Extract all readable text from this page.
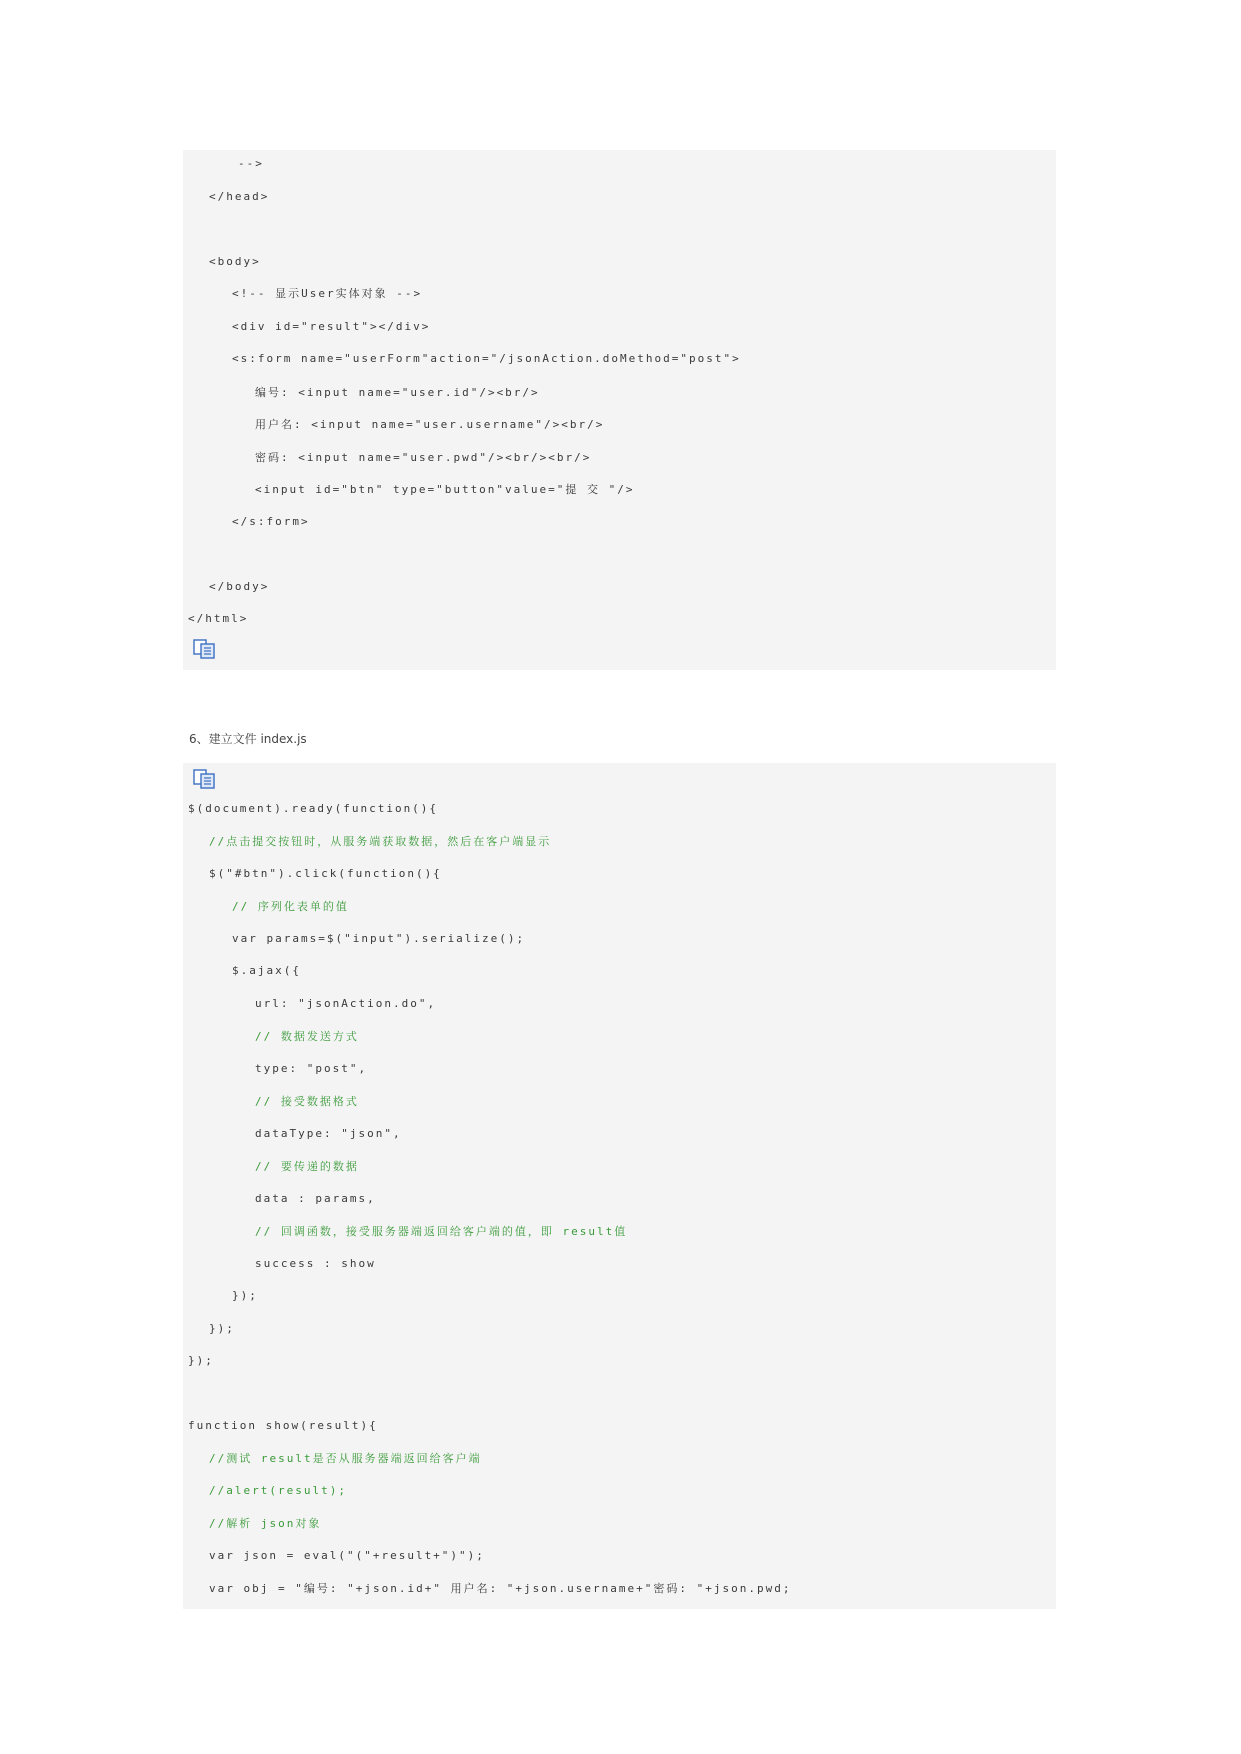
-->
</head>
<body>
<!-- 显示User实体对象 -->
<div id="result"></div>
<s:form name="userForm"action="/jsonAction.doMethod="post">
编号: <input name="user.id"/><br/>
用户名: <input name="user.username"/><br/>
密码: <input name="user.pwd"/><br/><br/>
<input id="btn" type="button"value="提 交 "/>
</s:form>
</body>
</html>
6、建立文件 index.js
$(document).ready(function(){
//点击提交按钮时，从服务端获取数据，然后在客户端显示
$("#btn").click(function(){
// 序列化表单的值
var params=$("input").serialize();
$.ajax({
url: "jsonAction.do",
// 数据发送方式
type: "post",
// 接受数据格式
dataType: "json",
// 要传递的数据
data : params,
// 回调函数，接受服务器端返回给客户端的值，即 result值
success : show
});
});
});
function show(result){
//测试 result是否从服务器端返回给客户端
//alert(result);
//解析 json对象
var json = eval("("+result+")");
var obj = "编号: "+json.id+" 用户名: "+json.username+"密码: "+json.pwd;
